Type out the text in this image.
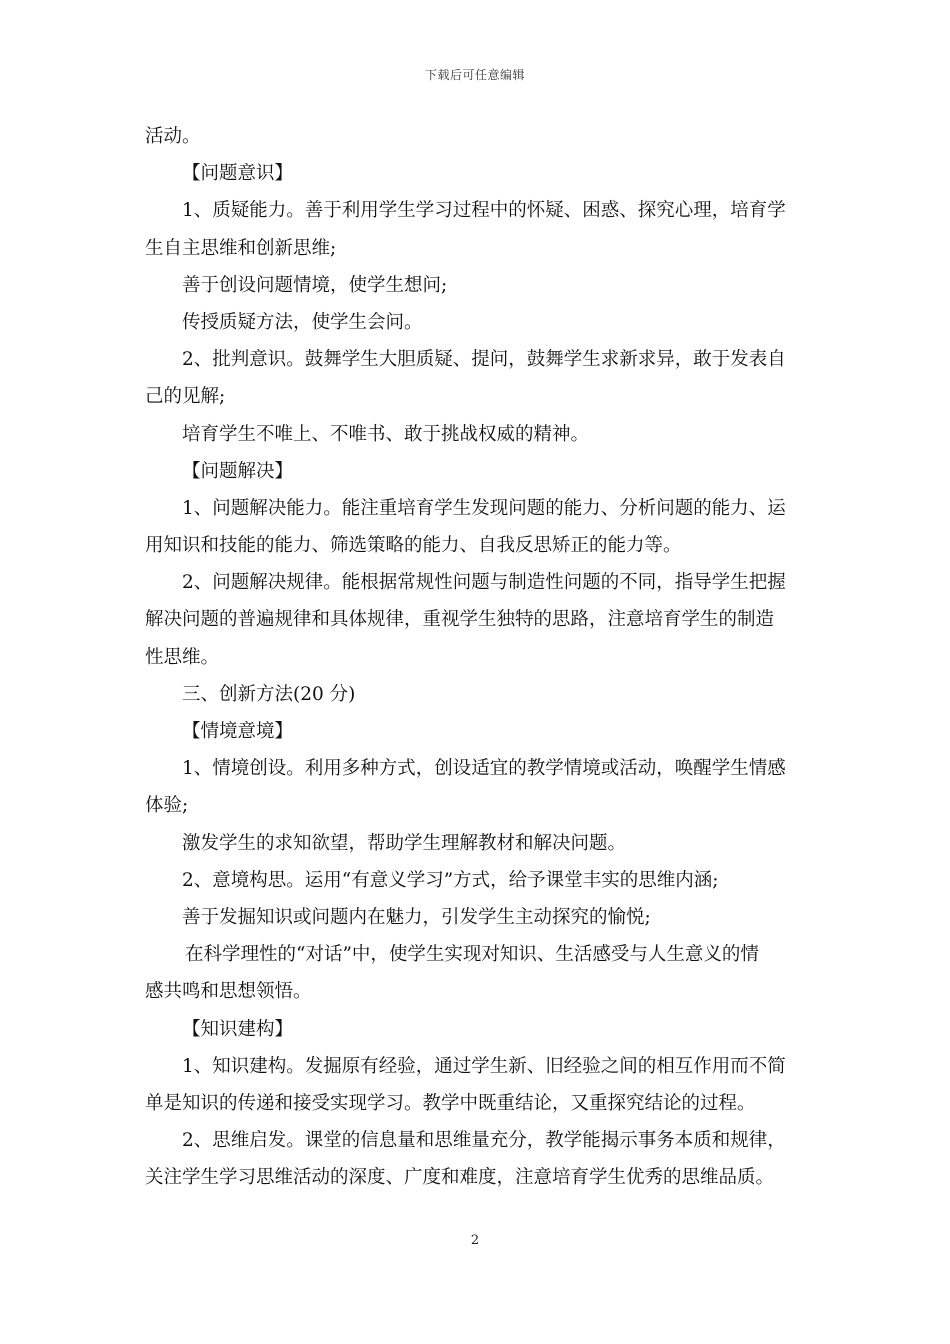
下载后可任意编辑
活动。
【问题意识】
1、质疑能力。善于利用学生学习过程中的怀疑、困惑、探究心理，培育学
生自主思维和创新思维;
善于创设问题情境，使学生想问;
传授质疑方法，使学生会问。
2、批判意识。鼓舞学生大胆质疑、提问，鼓舞学生求新求异，敢于发表自
己的见解;
培育学生不唯上、不唯书、敢于挑战权威的精神。
【问题解决】
1、问题解决能力。能注重培育学生发现问题的能力、分析问题的能力、运
用知识和技能的能力、筛选策略的能力、自我反思矫正的能力等。
2、问题解决规律。能根据常规性问题与制造性问题的不同，指导学生把握
解决问题的普遍规律和具体规律，重视学生独特的思路，注意培育学生的制造
性思维。
三、创新方法(20 分)
【情境意境】
1、情境创设。利用多种方式，创设适宜的教学情境或活动，唤醒学生情感
体验;
激发学生的求知欲望，帮助学生理解教材和解决问题。
2、意境构思。运用“有意义学习”方式，给予课堂丰实的思维内涵;
善于发掘知识或问题内在魅力，引发学生主动探究的愉悦;
在科学理性的“对话”中，使学生实现对知识、生活感受与人生意义的情
感共鸣和思想领悟。
【知识建构】
1、知识建构。发掘原有经验，通过学生新、旧经验之间的相互作用而不简
单是知识的传递和接受实现学习。教学中既重结论，又重探究结论的过程。
2、思维启发。课堂的信息量和思维量充分，教学能揭示事务本质和规律，
关注学生学习思维活动的深度、广度和难度，注意培育学生优秀的思维品质。
2
